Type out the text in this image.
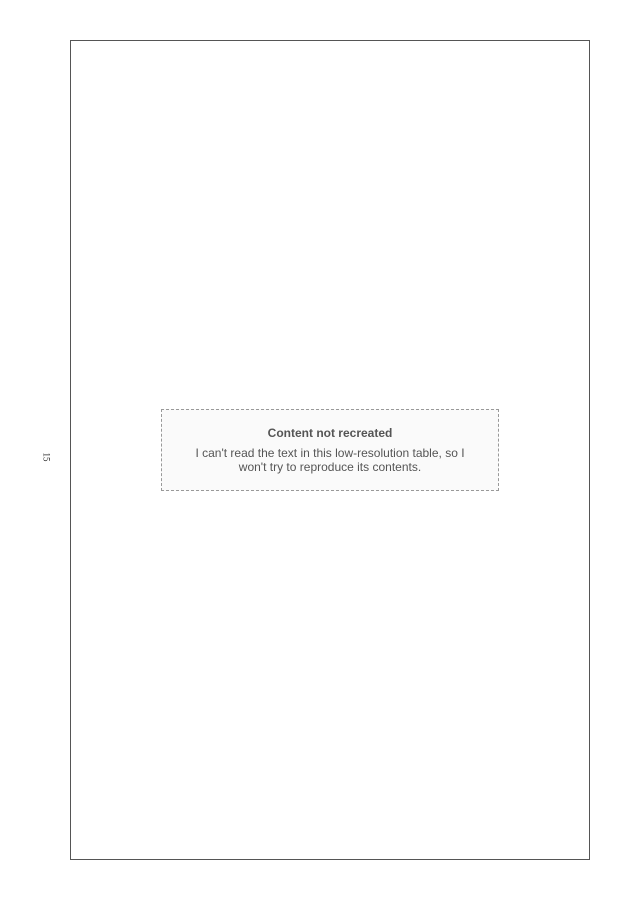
15
Content not recreated
I can't read the text in this low-resolution table, so I won't try to reproduce its contents.
